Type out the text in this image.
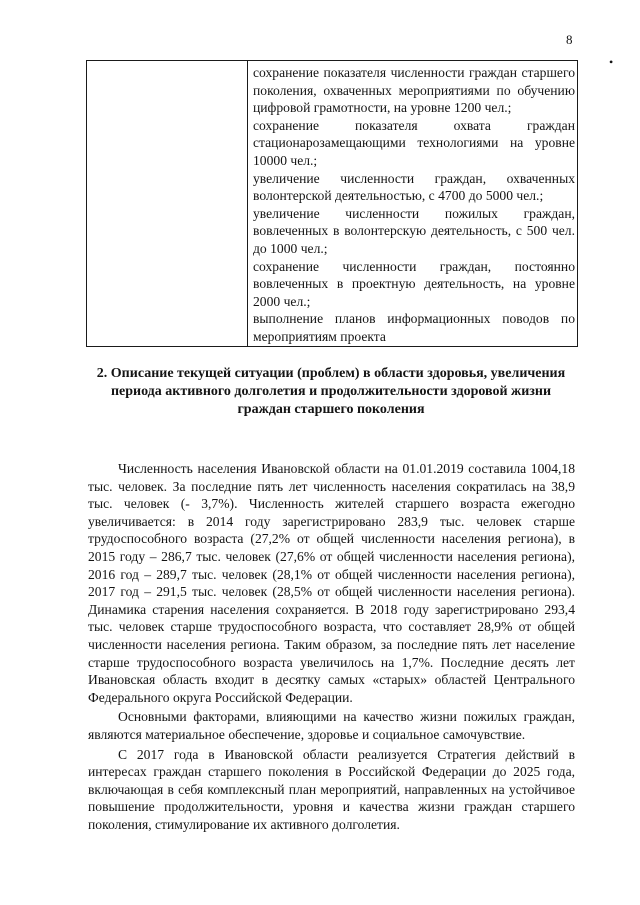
8
•

сохранение показателя численности граждан старшего поколения, охваченных мероприятиями по обучению цифровой грамотности, на уровне 1200 чел.;
сохранение показателя охвата граждан стационарозамещающими технологиями на уровне 10000 чел.;
увеличение численности граждан, охваченных волонтерской деятельностью, с 4700 до 5000 чел.;
увеличение численности пожилых граждан, вовлеченных в волонтерскую деятельность, с 500 чел. до 1000 чел.;
сохранение численности граждан, постоянно вовлеченных в проектную деятельность, на уровне 2000 чел.;
выполнение планов информационных поводов по мероприятиям проекта
2. Описание текущей ситуации (проблем) в области здоровья, увеличения периода активного долголетия и продолжительности здоровой жизни граждан старшего поколения

Численность населения Ивановской области на 01.01.2019 составила 1004,18 тыс. человек. За последние пять лет численность населения сократилась на 38,9 тыс. человек (- 3,7%). Численность жителей старшего возраста ежегодно увеличивается: в 2014 году зарегистрировано 283,9 тыс. человек старше трудоспособного возраста (27,2% от общей численности населения региона), в 2015 году – 286,7 тыс. человек (27,6% от общей численности населения региона), 2016 год – 289,7 тыс. человек (28,1% от общей численности населения региона), 2017 год – 291,5 тыс. человек (28,5% от общей численности населения региона). Динамика старения населения сохраняется. В 2018 году зарегистрировано 293,4 тыс. человек старше трудоспособного возраста, что составляет 28,9% от общей численности населения региона. Таким образом, за последние пять лет население старше трудоспособного возраста увеличилось на 1,7%. Последние десять лет Ивановская область входит в десятку самых «старых» областей Центрального Федерального округа Российской Федерации.

Основными факторами, влияющими на качество жизни пожилых граждан, являются материальное обеспечение, здоровье и социальное самочувствие.

С 2017 года в Ивановской области реализуется Стратегия действий в интересах граждан старшего поколения в Российской Федерации до 2025 года, включающая в себя комплексный план мероприятий, направленных на устойчивое повышение продолжительности, уровня и качества жизни граждан старшего поколения, стимулирование их активного долголетия.
